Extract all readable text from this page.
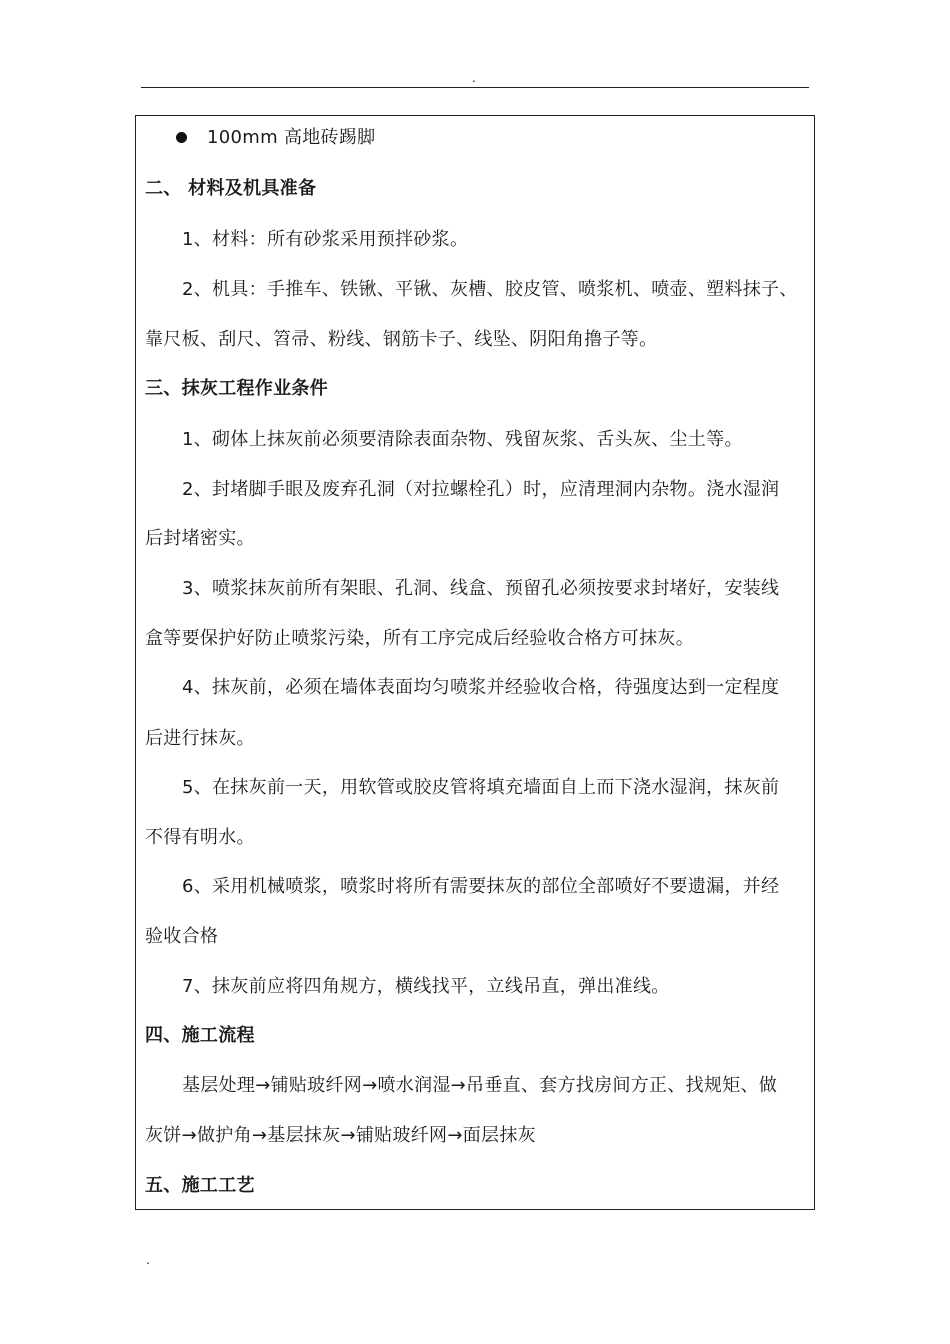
.
100mm 高地砖踢脚
二、 材料及机具准备
1、材料：所有砂浆采用预拌砂浆。
2、机具：手推车、铁锹、平锹、灰槽、胶皮管、喷浆机、喷壶、塑料抹子、
靠尺板、刮尺、笤帚、粉线、钢筋卡子、线坠、阴阳角撸子等。
三、抹灰工程作业条件
1、砌体上抹灰前必须要清除表面杂物、残留灰浆、舌头灰、尘土等。
2、封堵脚手眼及废弃孔洞（对拉螺栓孔）时，应清理洞内杂物。浇水湿润
后封堵密实。
3、喷浆抹灰前所有架眼、孔洞、线盒、预留孔必须按要求封堵好，安装线
盒等要保护好防止喷浆污染，所有工序完成后经验收合格方可抹灰。
4、抹灰前，必须在墙体表面均匀喷浆并经验收合格，待强度达到一定程度
后进行抹灰。
5、在抹灰前一天，用软管或胶皮管将填充墙面自上而下浇水湿润，抹灰前
不得有明水。
6、采用机械喷浆，喷浆时将所有需要抹灰的部位全部喷好不要遗漏，并经
验收合格
7、抹灰前应将四角规方，横线找平，立线吊直，弹出准线。
四、施工流程
基层处理→铺贴玻纤网→喷水润湿→吊垂直、套方找房间方正、找规矩、做
灰饼→做护角→基层抹灰→铺贴玻纤网→面层抹灰
五、施工工艺
.
